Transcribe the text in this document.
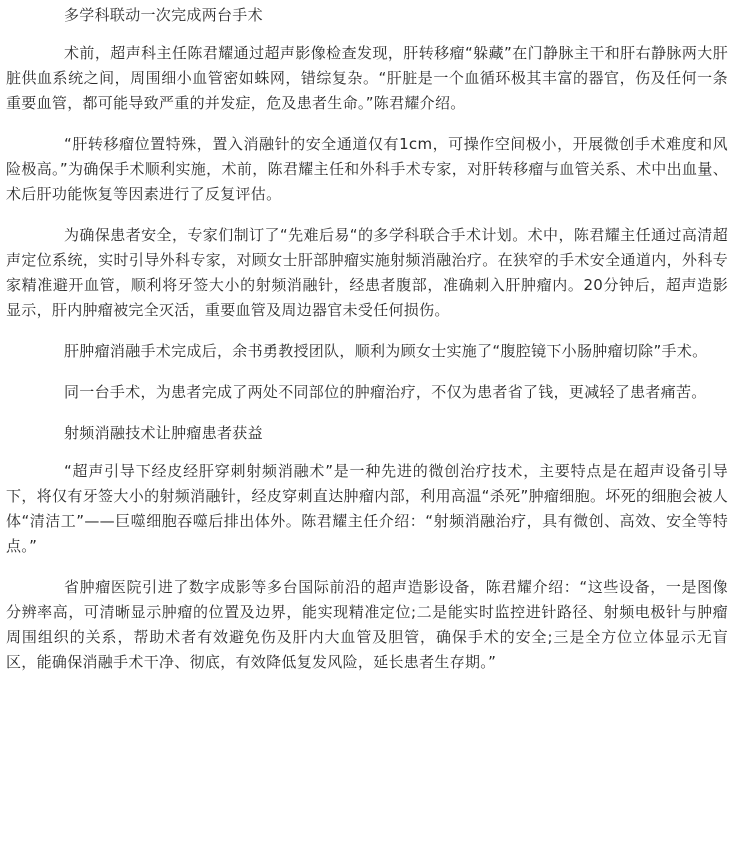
多学科联动一次完成两台手术

术前，超声科主任陈君耀通过超声影像检查发现，肝转移瘤“躲藏”在门静脉主干和肝右静脉两大肝脏供血系统之间，周围细小血管密如蛛网，错综复杂。“肝脏是一个血循环极其丰富的器官，伤及任何一条重要血管，都可能导致严重的并发症，危及患者生命。”陈君耀介绍。

“肝转移瘤位置特殊，置入消融针的安全通道仅有1cm，可操作空间极小，开展微创手术难度和风险极高。”为确保手术顺利实施，术前，陈君耀主任和外科手术专家，对肝转移瘤与血管关系、术中出血量、术后肝功能恢复等因素进行了反复评估。

为确保患者安全，专家们制订了“先难后易“的多学科联合手术计划。术中，陈君耀主任通过高清超声定位系统，实时引导外科专家，对顾女士肝部肿瘤实施射频消融治疗。在狭窄的手术安全通道内，外科专家精准避开血管，顺利将牙签大小的射频消融针，经患者腹部，准确刺入肝肿瘤内。20分钟后，超声造影显示，肝内肿瘤被完全灭活，重要血管及周边器官未受任何损伤。

肝肿瘤消融手术完成后，余书勇教授团队，顺利为顾女士实施了“腹腔镜下小肠肿瘤切除”手术。

同一台手术，为患者完成了两处不同部位的肿瘤治疗，不仅为患者省了钱，更减轻了患者痛苦。

射频消融技术让肿瘤患者获益

“超声引导下经皮经肝穿刺射频消融术”是一种先进的微创治疗技术，主要特点是在超声设备引导下，将仅有牙签大小的射频消融针，经皮穿刺直达肿瘤内部，利用高温“杀死”肿瘤细胞。坏死的细胞会被人体“清洁工”——巨噬细胞吞噬后排出体外。陈君耀主任介绍：“射频消融治疗，具有微创、高效、安全等特点。”

省肿瘤医院引进了数字成影等多台国际前沿的超声造影设备，陈君耀介绍：“这些设备，一是图像分辨率高，可清晰显示肿瘤的位置及边界，能实现精准定位;二是能实时监控进针路径、射频电极针与肿瘤周围组织的关系，帮助术者有效避免伤及肝内大血管及胆管，确保手术的安全;三是全方位立体显示无盲区，能确保消融手术干净、彻底，有效降低复发风险，延长患者生存期。”
